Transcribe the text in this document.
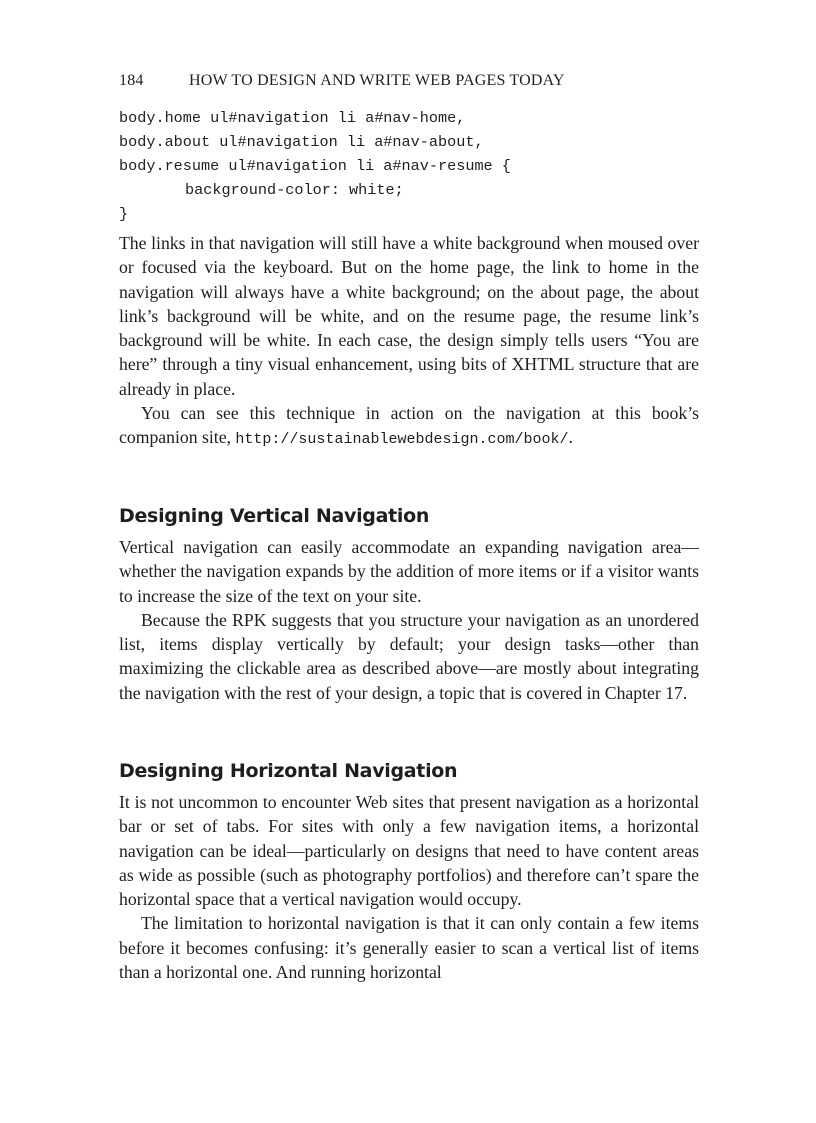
184	HOW TO DESIGN AND WRITE WEB PAGES TODAY
body.home ul#navigation li a#nav-home,
body.about ul#navigation li a#nav-about,
body.resume ul#navigation li a#nav-resume {
background-color: white;
}

The links in that navigation will still have a white background when moused over or focused via the keyboard. But on the home page, the link to home in the navigation will always have a white background; on the about page, the about link’s background will be white, and on the resume page, the resume link’s background will be white. In each case, the design simply tells users “You are here” through a tiny visual enhancement, using bits of XHTML structure that are already in place.

You can see this technique in action on the navigation at this book’s companion site, http://sustainablewebdesign.com/book/.

Designing Vertical Navigation

Vertical navigation can easily accommodate an expanding navigation area—whether the navigation expands by the addition of more items or if a visitor wants to increase the size of the text on your site.

Because the RPK suggests that you structure your navigation as an unordered list, items display vertically by default; your design tasks—other than maximizing the clickable area as described above—are mostly about integrating the navigation with the rest of your design, a topic that is covered in Chapter 17.

Designing Horizontal Navigation

It is not uncommon to encounter Web sites that present navigation as a horizontal bar or set of tabs. For sites with only a few navigation items, a horizontal navigation can be ideal—particularly on designs that need to have content areas as wide as possible (such as photography portfolios) and therefore can’t spare the horizontal space that a vertical navigation would occupy.

The limitation to horizontal navigation is that it can only contain a few items before it becomes confusing: it’s generally easier to scan a vertical list of items than a horizontal one. And running horizontal
